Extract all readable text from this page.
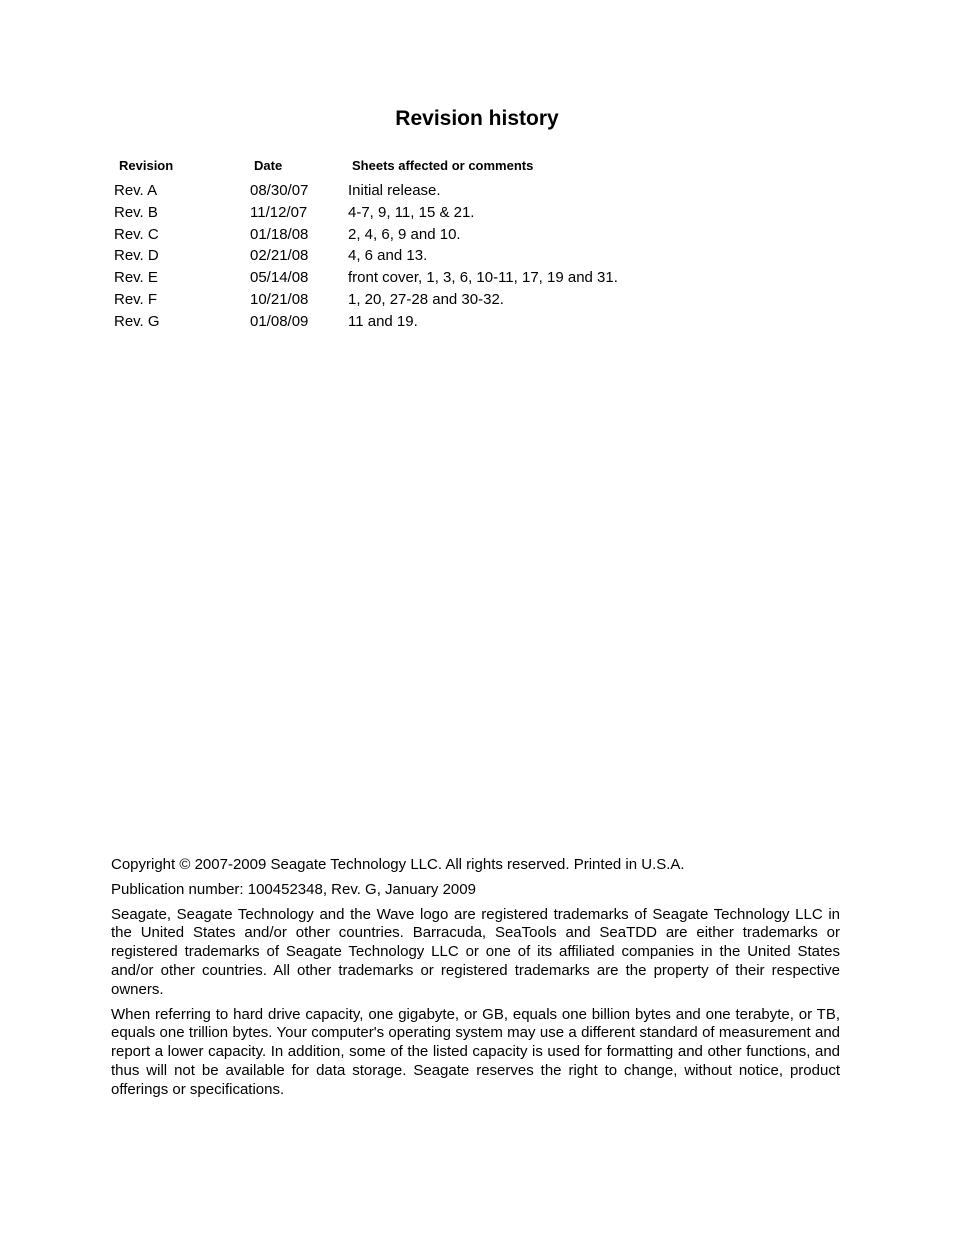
Revision history
Revision	Date	Sheets affected or comments
Rev. A	08/30/07	Initial release.
Rev. B	11/12/07	4-7, 9, 11, 15 & 21.
Rev. C	01/18/08	2, 4, 6, 9 and 10.
Rev. D	02/21/08	4, 6 and 13.
Rev. E	05/14/08	front cover, 1, 3, 6, 10-11, 17, 19 and 31.
Rev. F	10/21/08	1, 20, 27-28 and 30-32.
Rev. G	01/08/09	11 and 19.

Copyright © 2007-2009 Seagate Technology LLC. All rights reserved. Printed in U.S.A.

Publication number: 100452348, Rev. G, January 2009

Seagate, Seagate Technology and the Wave logo are registered trademarks of Seagate Technology LLC in the United States and/or other countries. Barracuda, SeaTools and SeaTDD are either trademarks or registered trademarks of Seagate Technology LLC or one of its affiliated companies in the United States and/or other countries. All other trademarks or registered trademarks are the property of their respective owners.

When referring to hard drive capacity, one gigabyte, or GB, equals one billion bytes and one terabyte, or TB, equals one trillion bytes. Your computer's operating system may use a different standard of measurement and report a lower capacity. In addition, some of the listed capacity is used for formatting and other functions, and thus will not be available for data storage. Seagate reserves the right to change, without notice, product offerings or specifications.
